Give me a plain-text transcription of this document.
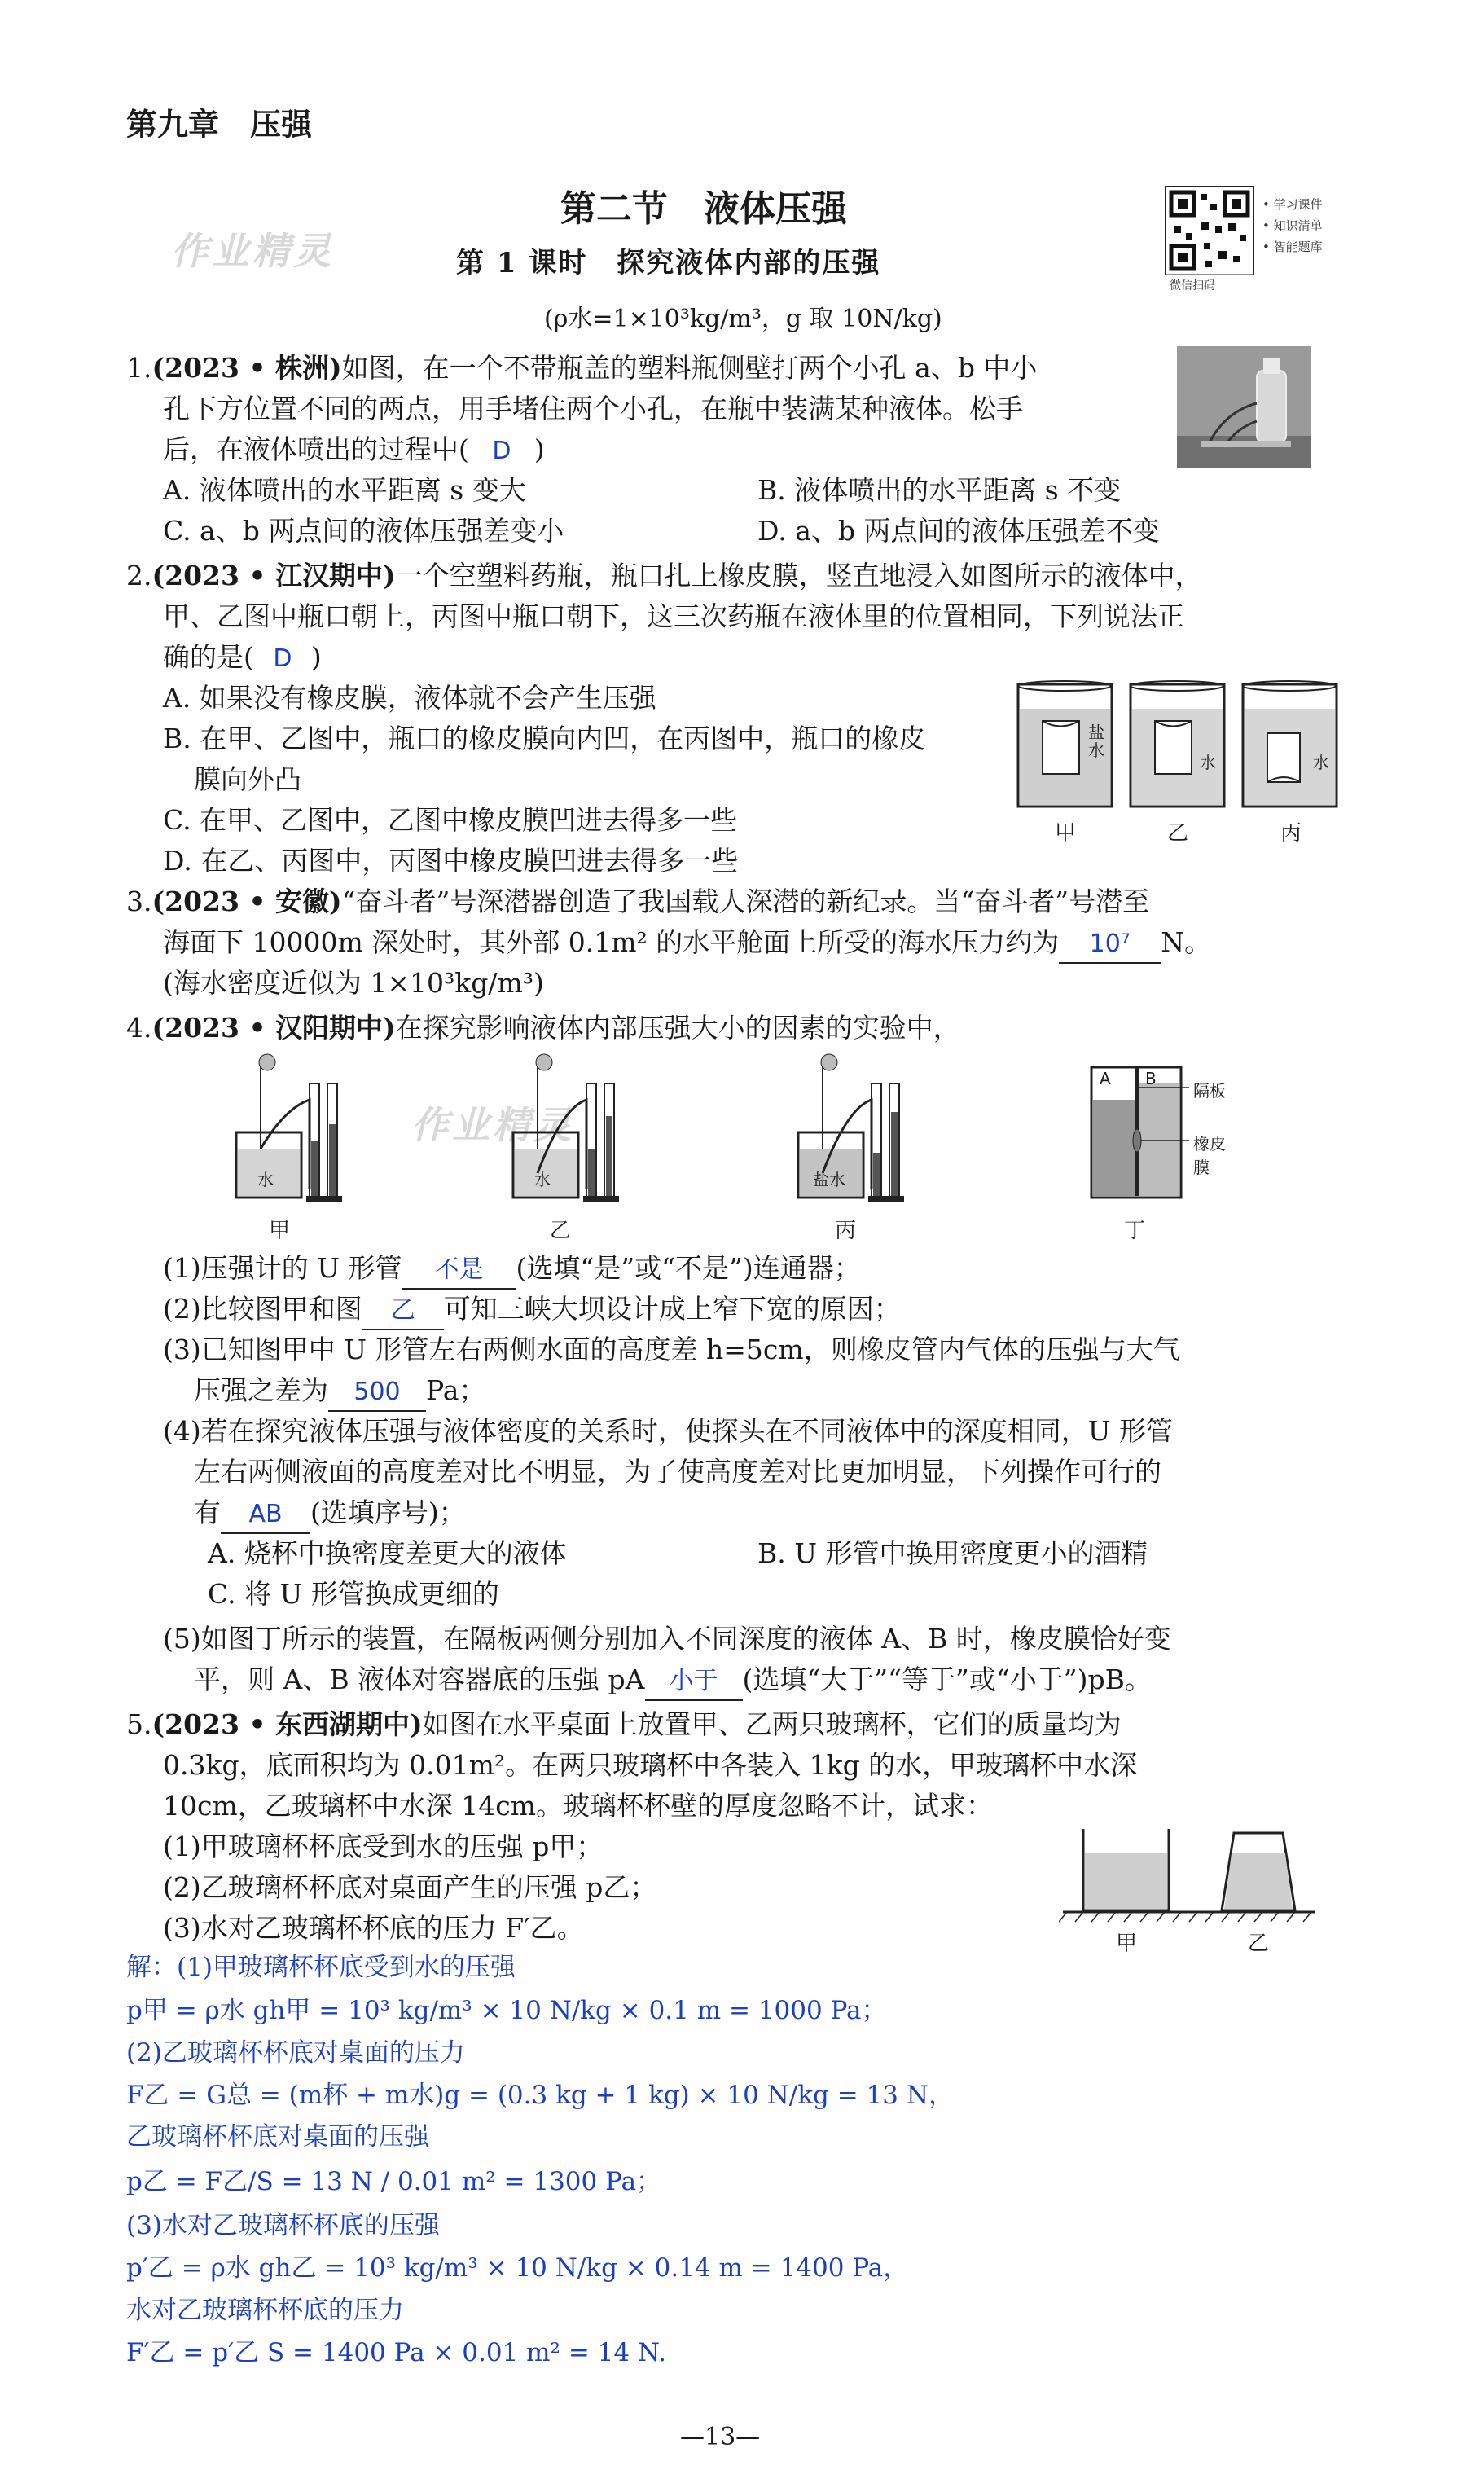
第九章　压强
作业精灵
作业精灵
第二节　液体压强
第 1 课时　探究液体内部的压强
• 学习课件
• 知识清单
• 智能题库
微信扫码
(ρ水=1×10³kg/m³，g 取 10N/kg)
1.(2023 • 株洲)如图，在一个不带瓶盖的塑料瓶侧壁打两个小孔 a、b 中小
孔下方位置不同的两点，用手堵住两个小孔，在瓶中装满某种液体。松手
后，在液体喷出的过程中( D )
A. 液体喷出的水平距离 s 变大	B. 液体喷出的水平距离 s 不变
C. a、b 两点间的液体压强差变小	D. a、b 两点间的液体压强差不变
2.(2023 • 江汉期中)一个空塑料药瓶，瓶口扎上橡皮膜，竖直地浸入如图所示的液体中，
甲、乙图中瓶口朝上，丙图中瓶口朝下，这三次药瓶在液体里的位置相同，下列说法正
确的是( D )
A. 如果没有橡皮膜，液体就不会产生压强
B. 在甲、乙图中，瓶口的橡皮膜向内凹，在丙图中，瓶口的橡皮
膜向外凸
C. 在甲、乙图中，乙图中橡皮膜凹进去得多一些
D. 在乙、丙图中，丙图中橡皮膜凹进去得多一些
盐水
水	水
甲	乙	丙
3.(2023 • 安徽)“奋斗者”号深潜器创造了我国载人深潜的新纪录。当“奋斗者”号潜至
海面下 10000m 深处时，其外部 0.1m² 的水平舱面上所受的海水压力约为 10⁷ N。
(海水密度近似为 1×10³kg/m³)
4.(2023 • 汉阳期中)在探究影响液体内部压强大小的因素的实验中，
水	水	盐水
A B
隔板
橡皮膜
甲	乙	丙	丁
(1)压强计的 U 形管 不是 (选填“是”或“不是”)连通器；
(2)比较图甲和图 乙 可知三峡大坝设计成上窄下宽的原因；
(3)已知图甲中 U 形管左右两侧水面的高度差 h=5cm，则橡皮管内气体的压强与大气
压强之差为 500 Pa；
(4)若在探究液体压强与液体密度的关系时，使探头在不同液体中的深度相同，U 形管
左右两侧液面的高度差对比不明显，为了使高度差对比更加明显，下列操作可行的
有 AB (选填序号)；
A. 烧杯中换密度差更大的液体	B. U 形管中换用密度更小的酒精
C. 将 U 形管换成更细的
(5)如图丁所示的装置，在隔板两侧分别加入不同深度的液体 A、B 时，橡皮膜恰好变
平，则 A、B 液体对容器底的压强 pA 小于 (选填“大于”“等于”或“小于”)pB。
5.(2023 • 东西湖期中)如图在水平桌面上放置甲、乙两只玻璃杯，它们的质量均为
0.3kg，底面积均为 0.01m²。在两只玻璃杯中各装入 1kg 的水，甲玻璃杯中水深
10cm，乙玻璃杯中水深 14cm。玻璃杯杯壁的厚度忽略不计，试求：
(1)甲玻璃杯杯底受到水的压强 p甲；
(2)乙玻璃杯杯底对桌面产生的压强 p乙；
(3)水对乙玻璃杯杯底的压力 F′乙。	甲	乙
解：(1)甲玻璃杯杯底受到水的压强
p甲 = ρ水 gh甲 = 10³ kg/m³ × 10 N/kg × 0.1 m = 1000 Pa；
(2)乙玻璃杯杯底对桌面的压力
F乙 = G总 = (m杯 + m水)g = (0.3 kg + 1 kg) × 10 N/kg = 13 N，
乙玻璃杯杯底对桌面的压强
p乙 = F乙/S = 13 N / 0.01 m² = 1300 Pa；
(3)水对乙玻璃杯杯底的压强
p′乙 = ρ水 gh乙 = 10³ kg/m³ × 10 N/kg × 0.14 m = 1400 Pa，
水对乙玻璃杯杯底的压力
F′乙 = p′乙 S = 1400 Pa × 0.01 m² = 14 N.
—13—
